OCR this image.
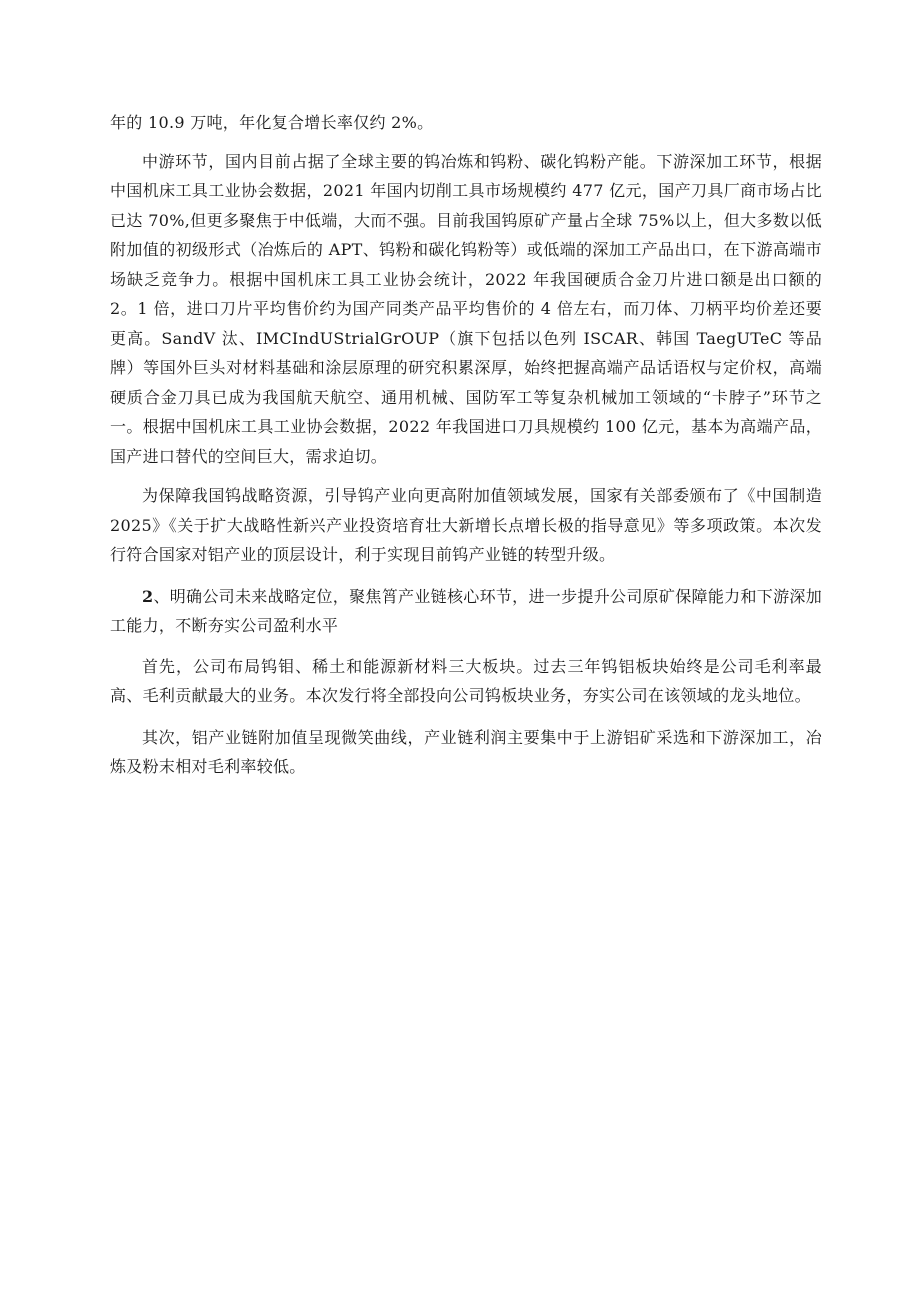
年的 10.9 万吨，年化复合增长率仅约 2%。

中游环节，国内目前占据了全球主要的钨冶炼和钨粉、碳化钨粉产能。下游深加工环节，根据中国机床工具工业协会数据，2021 年国内切削工具市场规模约 477 亿元，国产刀具厂商市场占比已达 70%,但更多聚焦于中低端，大而不强。目前我国钨原矿产量占全球 75%以上，但大多数以低附加值的初级形式（冶炼后的 APT、钨粉和碳化钨粉等）或低端的深加工产品出口，在下游高端市场缺乏竞争力。根据中国机床工具工业协会统计，2022 年我国硬质合金刀片进口额是出口额的 2。1 倍，进口刀片平均售价约为国产同类产品平均售价的 4 倍左右，而刀体、刀柄平均价差还要更高。SandV 汰、IMCIndUStrialGrOUP（旗下包括以色列 ISCAR、韩国 TaegUTeC 等品牌）等国外巨头对材料基础和涂层原理的研究积累深厚，始终把握高端产品话语权与定价权，高端硬质合金刀具已成为我国航天航空、通用机械、国防军工等复杂机械加工领域的“卡脖子”环节之一。根据中国机床工具工业协会数据，2022 年我国进口刀具规模约 100 亿元，基本为高端产品，国产进口替代的空间巨大，需求迫切。

为保障我国钨战略资源，引导钨产业向更高附加值领域发展，国家有关部委颁布了《中国制造 2025》《关于扩大战略性新兴产业投资培育壮大新增长点增长极的指导意见》等多项政策。本次发行符合国家对铝产业的顶层设计，利于实现目前钨产业链的转型升级。

2、明确公司未来战略定位，聚焦筲产业链核心环节，进一步提升公司原矿保障能力和下游深加工能力，不断夯实公司盈利水平

首先，公司布局钨钼、稀土和能源新材料三大板块。过去三年钨铝板块始终是公司毛利率最高、毛利贡献最大的业务。本次发行将全部投向公司钨板块业务，夯实公司在该领域的龙头地位。

其次，铝产业链附加值呈现微笑曲线，产业链利润主要集中于上游铝矿采选和下游深加工，冶炼及粉末相对毛利率较低。
